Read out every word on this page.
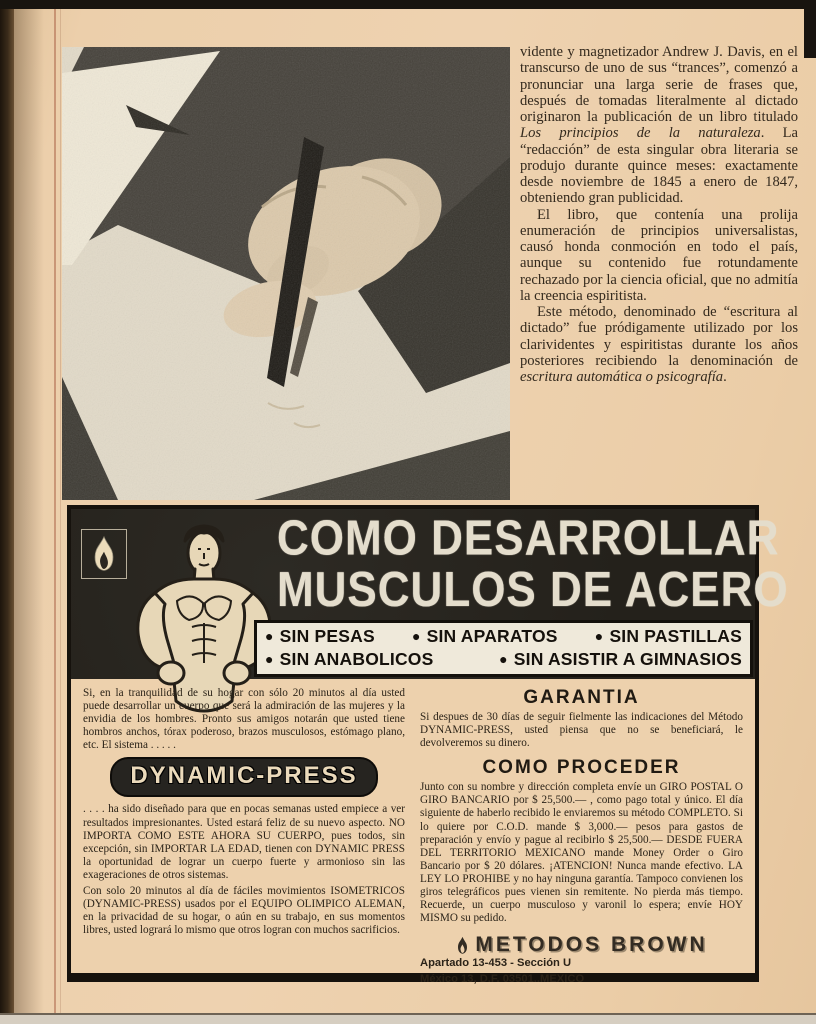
vidente y magnetizador Andrew J. Davis, en el transcurso de uno de sus “trances”, comenzó a pronunciar una larga serie de frases que, después de tomadas literalmente al dictado originaron la publicación de un libro titulado Los principios de la naturaleza. La “redacción” de esta singular obra literaria se produjo durante quince meses: exactamente desde noviembre de 1845 a enero de 1847, obteniendo gran publicidad.

El libro, que contenía una prolija enumeración de principios universalistas, causó honda conmoción en todo el país, aunque su contenido fue rotundamente rechazado por la ciencia oficial, que no admitía la creencia espiritista.

Este método, denominado de “escritura al dictado” fue pródigamente utilizado por los clarividentes y espiritistas durante los años posteriores recibiendo la denominación de escritura automática o psicografía.

COMO DESARROLLAR
MUSCULOS DE ACERO
● SIN PESAS	● SIN APARATOS	● SIN PASTILLAS
● SIN ANABOLICOS	● SIN ASISTIR A GIMNASIOS

Si, en la tranquilidad de su hogar con sólo 20 minutos al día usted puede desarrollar un cuerpo que será la admiración de las mujeres y la envidia de los hombres. Pronto sus amigos notarán que usted tiene hombros anchos, tórax poderoso, brazos musculosos, estómago plano, etc. El sistema . . . . .

DYNAMIC-PRESS

. . . . ha sido diseñado para que en pocas semanas usted empiece a ver resultados impresionantes. Usted estará feliz de su nuevo aspecto. NO IMPORTA COMO ESTE AHORA SU CUERPO, pues todos, sin excepción, sin IMPORTAR LA EDAD, tienen con DYNAMIC PRESS la oportunidad de lograr un cuerpo fuerte y armonioso sin las exageraciones de otros sistemas.

Con solo 20 minutos al día de fáciles movimientos ISOMETRICOS (DYNAMIC-PRESS) usados por el EQUIPO OLIMPICO ALEMAN, en la privacidad de su hogar, o aún en su trabajo, en sus momentos libres, usted logrará lo mismo que otros logran con muchos sacrificios.

GARANTIA

Si despues de 30 días de seguir fielmente las indicaciones del Método DYNAMIC-PRESS, usted piensa que no se beneficiará, le devolveremos su dinero.

COMO PROCEDER

Junto con su nombre y dirección completa envíe un GIRO POSTAL O GIRO BANCARIO por $ 25,500.— , como pago total y único. El día siguiente de haberlo recibido le enviaremos su método COMPLETO. Si lo quiere por C.O.D. mande $ 3,000.— pesos para gastos de preparación y envío y pague al recibirlo $ 25,500.— DESDE FUERA DEL TERRITORIO MEXICANO mande Money Order o Giro Bancario por $ 20 dólares. ¡ATENCION! Nunca mande efectivo. LA LEY LO PROHIBE y no hay ninguna garantía. Tampoco convienen los giros telegráficos pues vienen sin remitente. No pierda más tiempo. Recuerde, un cuerpo musculoso y varonil lo espera; envíe HOY MISMO su pedido.

METODOS BROWN

Apartado 13-453 - Sección U

México 13, D.F. 03501..MEXICO
